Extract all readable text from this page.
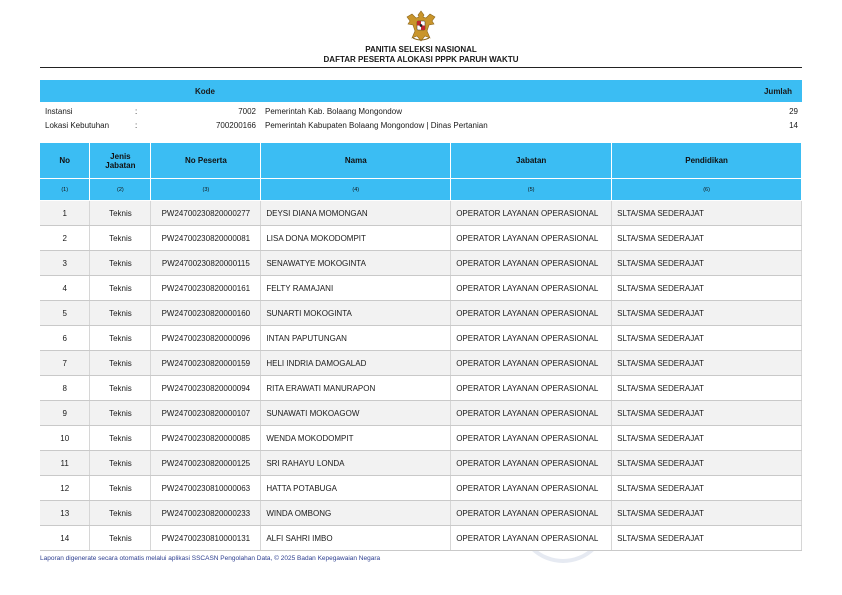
PANITIA SELEKSI NASIONAL
DAFTAR PESERTA ALOKASI PPPK PARUH WAKTU
Kode	Jumlah
Instansi	:	7002 Pemerintah Kab. Bolaang Mongondow	29
Lokasi Kebutuhan	:	700200166 Pemerintah Kabupaten Bolaang Mongondow | Dinas Pertanian	14
No	Jenis Jabatan	No Peserta	Nama	Jabatan	Pendidikan
(1)	(2)	(3)	(4)	(5)	(6)
1	Teknis	PW24700230820000277	DEYSI DIANA MOMONGAN	OPERATOR LAYANAN OPERASIONAL	SLTA/SMA SEDERAJAT
2	Teknis	PW24700230820000081	LISA DONA MOKODOMPIT	OPERATOR LAYANAN OPERASIONAL	SLTA/SMA SEDERAJAT
3	Teknis	PW24700230820000115	SENAWATYE MOKOGINTA	OPERATOR LAYANAN OPERASIONAL	SLTA/SMA SEDERAJAT
4	Teknis	PW24700230820000161	FELTY RAMAJANI	OPERATOR LAYANAN OPERASIONAL	SLTA/SMA SEDERAJAT
5	Teknis	PW24700230820000160	SUNARTI MOKOGINTA	OPERATOR LAYANAN OPERASIONAL	SLTA/SMA SEDERAJAT
6	Teknis	PW24700230820000096	INTAN PAPUTUNGAN	OPERATOR LAYANAN OPERASIONAL	SLTA/SMA SEDERAJAT
7	Teknis	PW24700230820000159	HELI INDRIA DAMOGALAD	OPERATOR LAYANAN OPERASIONAL	SLTA/SMA SEDERAJAT
8	Teknis	PW24700230820000094	RITA ERAWATI MANURAPON	OPERATOR LAYANAN OPERASIONAL	SLTA/SMA SEDERAJAT
9	Teknis	PW24700230820000107	SUNAWATI MOKOAGOW	OPERATOR LAYANAN OPERASIONAL	SLTA/SMA SEDERAJAT
10	Teknis	PW24700230820000085	WENDA MOKODOMPIT	OPERATOR LAYANAN OPERASIONAL	SLTA/SMA SEDERAJAT
11	Teknis	PW24700230820000125	SRI RAHAYU LONDA	OPERATOR LAYANAN OPERASIONAL	SLTA/SMA SEDERAJAT
12	Teknis	PW24700230810000063	HATTA POTABUGA	OPERATOR LAYANAN OPERASIONAL	SLTA/SMA SEDERAJAT
13	Teknis	PW24700230820000233	WINDA OMBONG	OPERATOR LAYANAN OPERASIONAL	SLTA/SMA SEDERAJAT
14	Teknis	PW24700230810000131	ALFI SAHRI IMBO	OPERATOR LAYANAN OPERASIONAL	SLTA/SMA SEDERAJAT
Laporan digenerate secara otomatis melalui aplikasi SSCASN Pengolahan Data, © 2025 Badan Kepegawaian Negara
